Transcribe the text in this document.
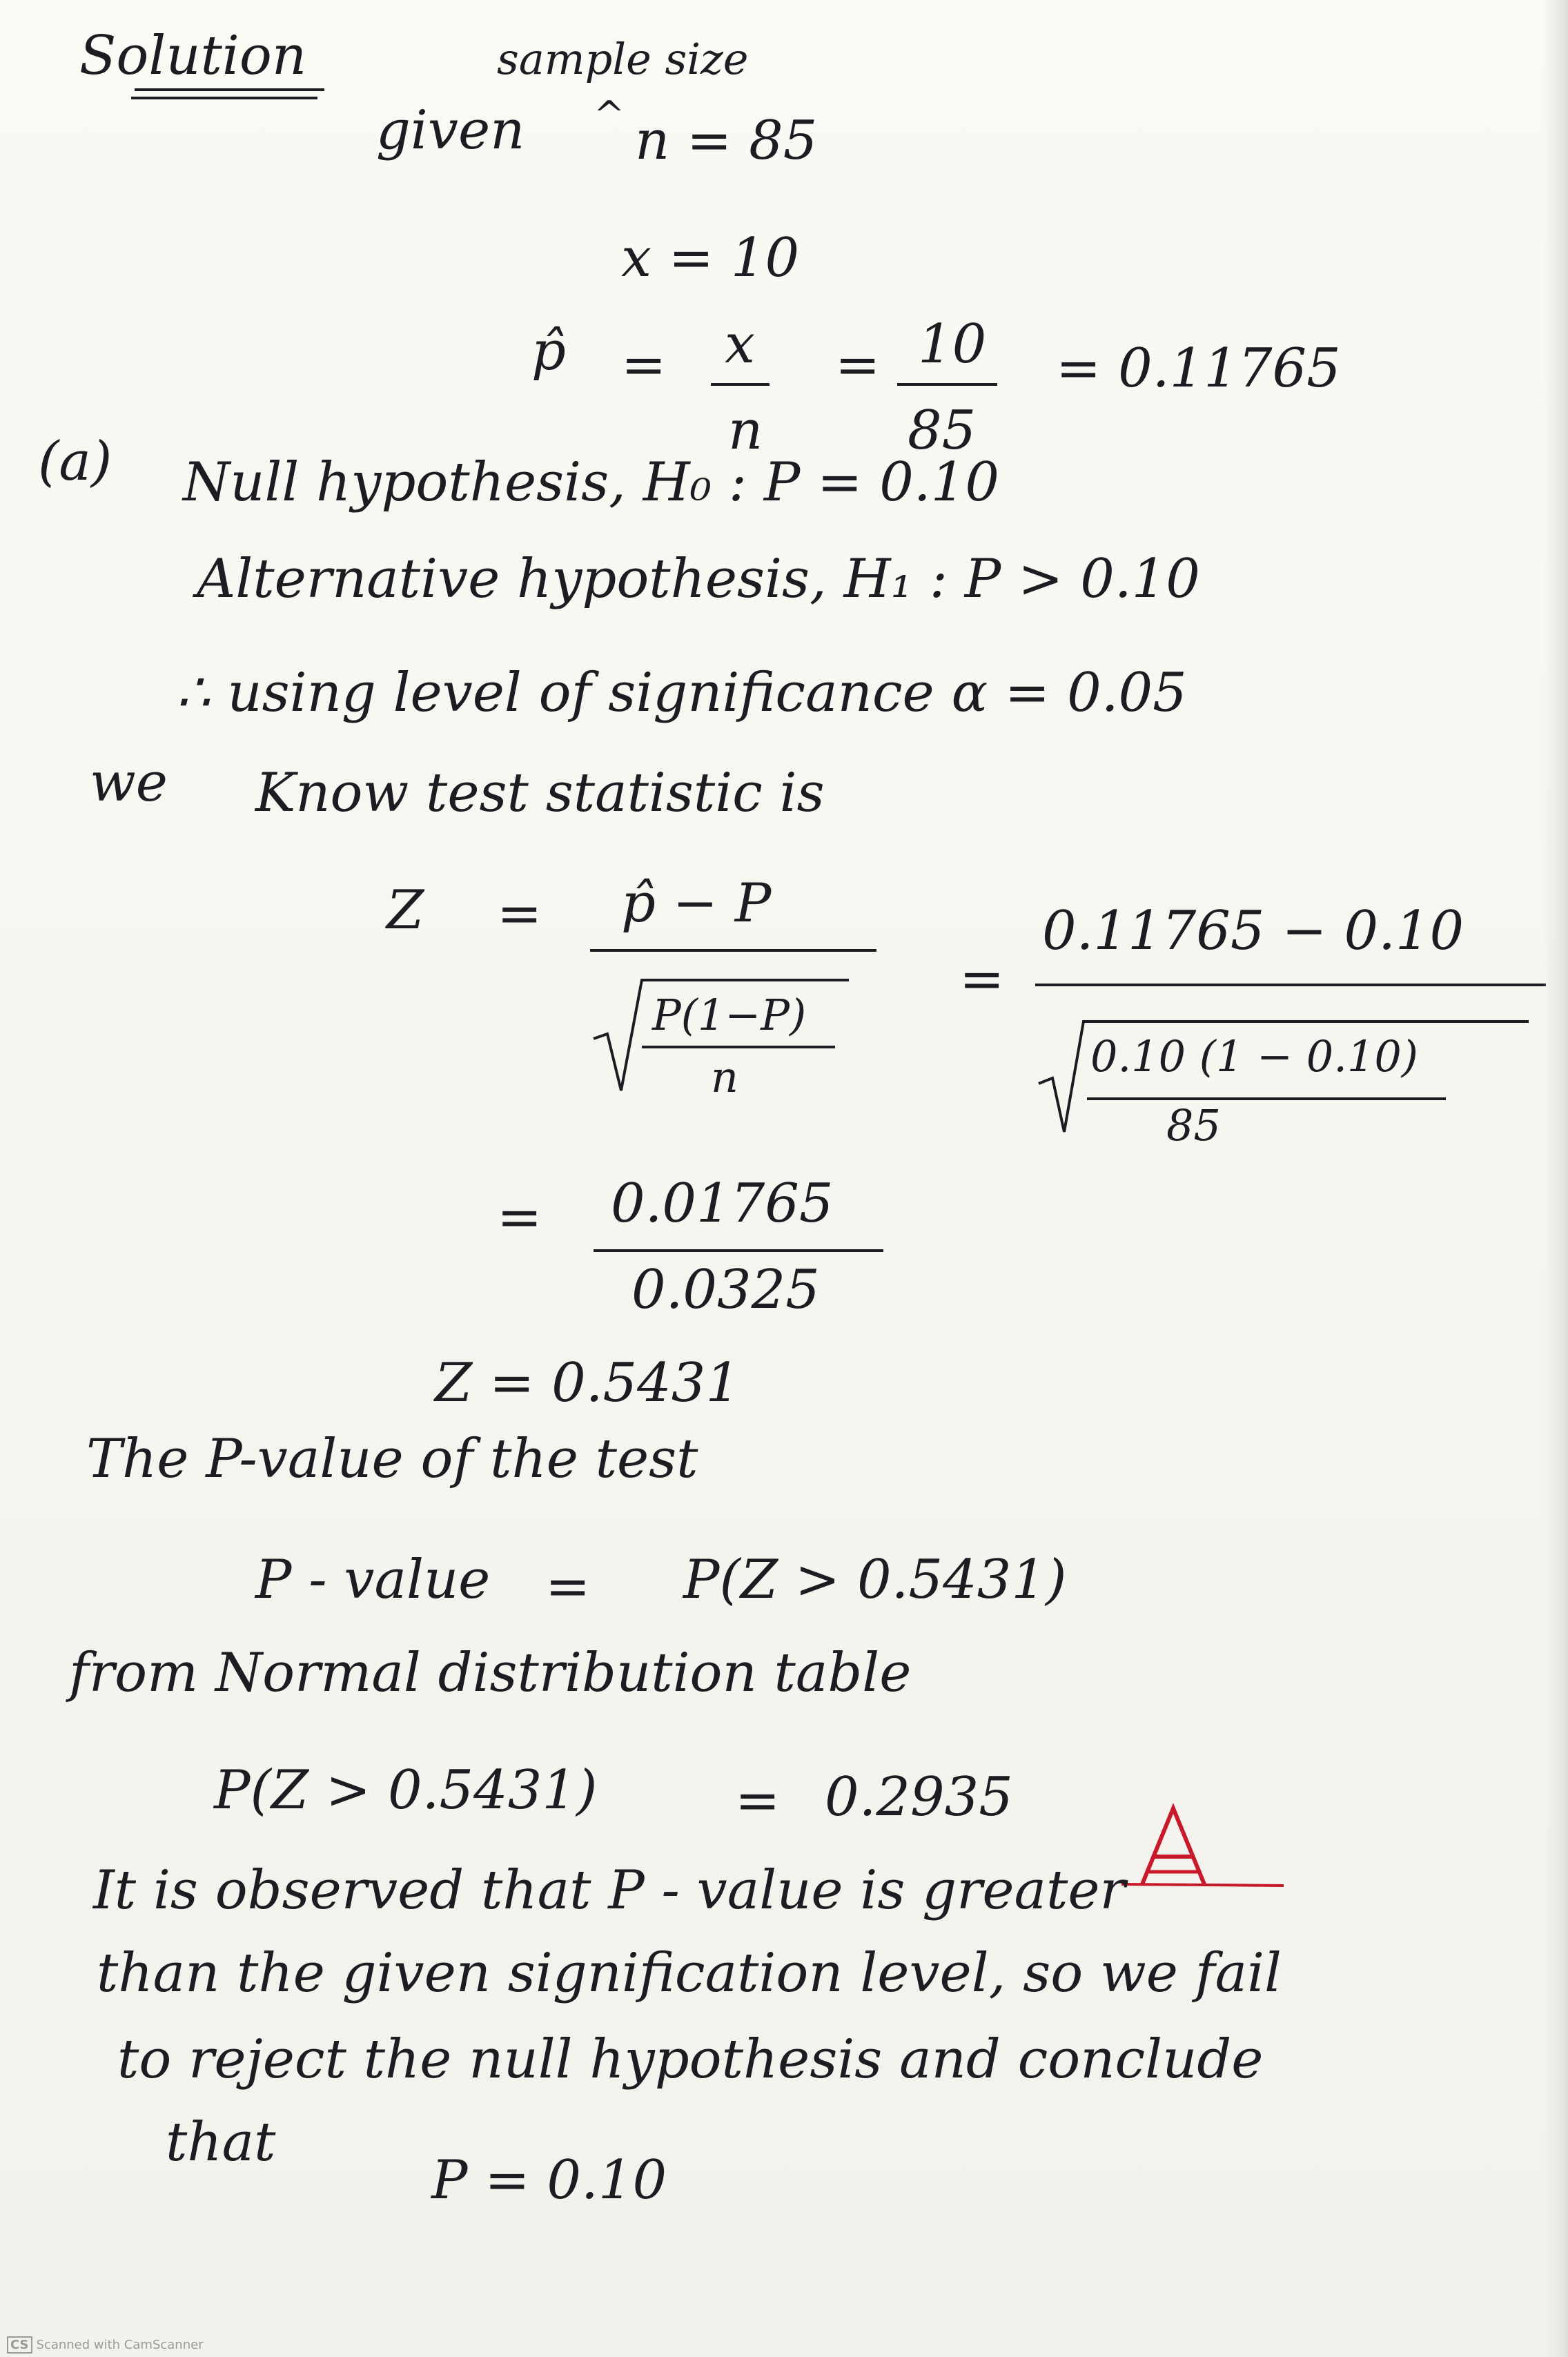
Solution	sample size
given ^ n = 85
x = 10
p̂ = x
n
= 10
85
= 0.11765
(a) Null hypothesis, H₀ : P = 0.10
Alternative hypothesis, H₁ : P > 0.10
∴ using level of significance α = 0.05
we Know test statistic is
Z = p̂ − P
P(1−P)
n
=
0.11765 − 0.10
0.10 (1 − 0.10)
85
= 0.01765
0.0325
Z = 0.5431
The P-value of the test
P - value = P(Z > 0.5431)
from Normal distribution table
P(Z > 0.5431)	= 0.2935	A
It is observed that P - value is greater
than the given signification level, so we fail
to reject the null hypothesis and conclude
that
P = 0.10
CS Scanned with CamScanner
